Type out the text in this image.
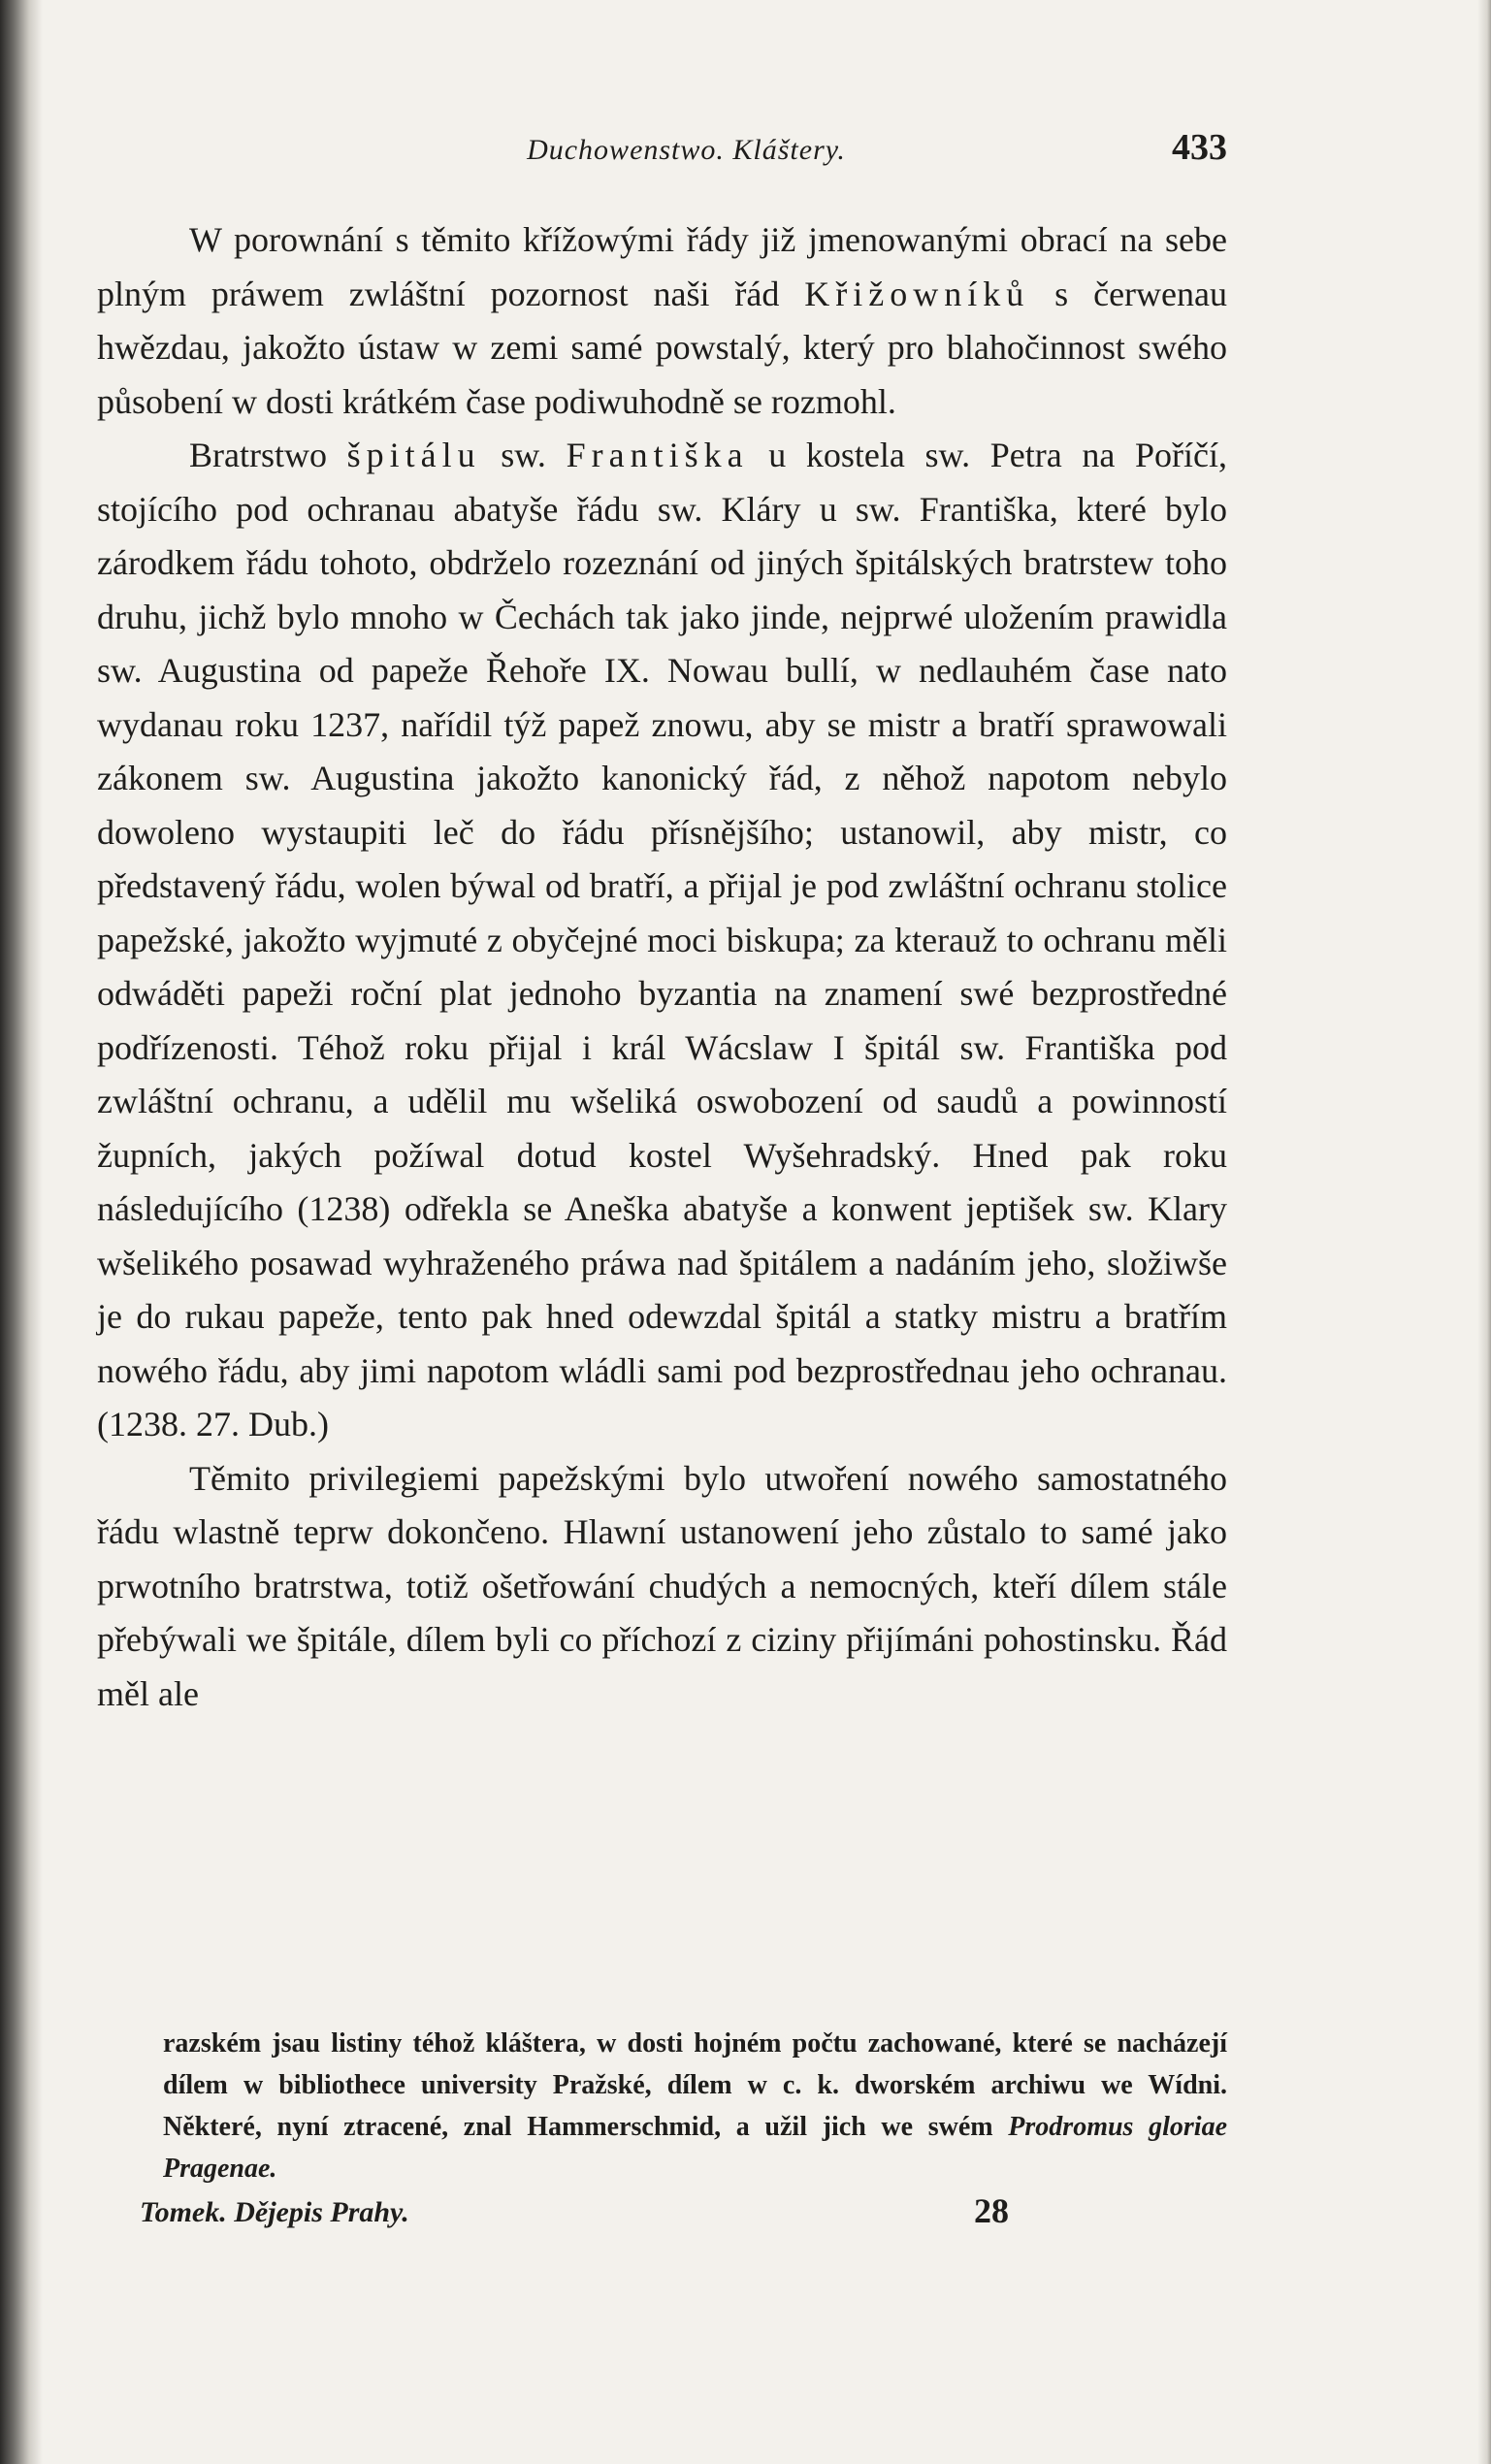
Duchowenstwo. Kláštery.	433

W porownání s těmito křížowými řády již jmenowanými obrací na sebe plným práwem zwláštní pozornost naši řád Křižowníků s čerwenau hwězdau, jakožto ústaw w zemi samé powstalý, který pro blahočinnost swého působení w dosti krátkém čase podiwuhodně se rozmohl.

Bratrstwo špitálu sw. Františka u kostela sw. Petra na Poříčí, stojícího pod ochranau abatyše řádu sw. Kláry u sw. Františka, které bylo zárodkem řádu tohoto, obdrželo rozeznání od jiných špitálských bratrstew toho druhu, jichž bylo mnoho w Čechách tak jako jinde, nejprwé uložením prawidla sw. Augustina od papeže Řehoře IX. Nowau bullí, w nedlauhém čase nato wydanau roku 1237, nařídil týž papež znowu, aby se mistr a bratří sprawowali zákonem sw. Augustina jakožto kanonický řád, z něhož napotom nebylo dowoleno wystaupiti leč do řádu přísnějšího; ustanowil, aby mistr, co představený řádu, wolen býwal od bratří, a přijal je pod zwláštní ochranu stolice papežské, jakožto wyjmuté z obyčejné moci biskupa; za kterauž to ochranu měli odwáděti papeži roční plat jednoho byzantia na znamení swé bezprostředné podřízenosti. Téhož roku přijal i král Wácslaw I špitál sw. Františka pod zwláštní ochranu, a udělil mu wšeliká oswobození od saudů a powinností župních, jakých požíwal dotud kostel Wyšehradský. Hned pak roku následujícího (1238) odřekla se Aneška abatyše a konwent jeptišek sw. Klary wšelikého posawad wyhraženého práwa nad špitálem a nadáním jeho, složiwše je do rukau papeže, tento pak hned odewzdal špitál a statky mistru a bratřím nowého řádu, aby jimi napotom wládli sami pod bezprostřednau jeho ochranau. (1238. 27. Dub.)

Těmito privilegiemi papežskými bylo utwoření nowého samostatného řádu wlastně teprw dokončeno. Hlawní ustanowení jeho zůstalo to samé jako prwotního bratrstwa, totiž ošetřowání chudých a nemocných, kteří dílem stále přebýwali we špitále, dílem byli co příchozí z ciziny přijímáni pohostinsku. Řád měl ale

razském jsau listiny téhož kláštera, w dosti hojném počtu zachowané, které se nacházejí dílem w bibliothece university Pražské, dílem w c. k. dworském archiwu we Wídni. Některé, nyní ztracené, znal Hammerschmid, a užil jich we swém Prodromus gloriae Pragenae.

Tomek. Dějepis Prahy.	28
